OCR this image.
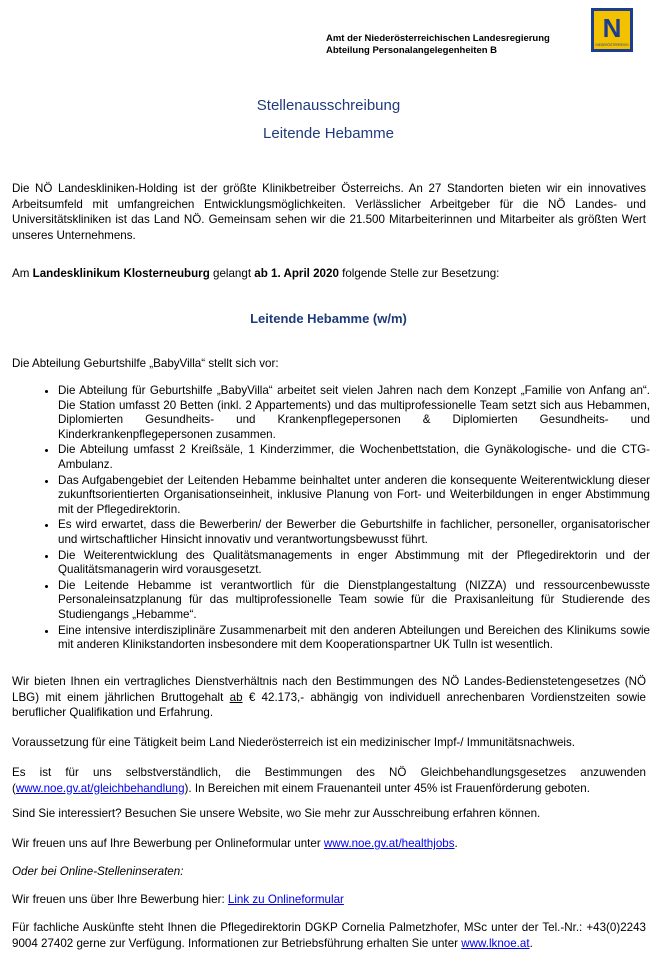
Amt der Niederösterreichischen Landesregierung
Abteilung Personalangelegenheiten B
N
NIEDERÖSTERREICH
Stellenausschreibung
Leitende Hebamme
Die NÖ Landeskliniken-Holding ist der größte Klinikbetreiber Österreichs. An 27 Standorten bieten wir ein innovatives Arbeitsumfeld mit umfangreichen Entwicklungsmöglichkeiten. Verlässlicher Arbeitgeber für die NÖ Landes- und Universitätskliniken ist das Land NÖ. Gemeinsam sehen wir die 21.500 Mitarbeiterinnen und Mitarbeiter als größten Wert unseres Unternehmens.
Am Landesklinikum Klosterneuburg gelangt ab 1. April 2020 folgende Stelle zur Besetzung:
Leitende Hebamme (w/m)
Die Abteilung Geburtshilfe „BabyVilla“ stellt sich vor:
• Die Abteilung für Geburtshilfe „BabyVilla“ arbeitet seit vielen Jahren nach dem Konzept „Familie von Anfang an“. Die Station umfasst 20 Betten (inkl. 2 Appartements) und das multiprofessionelle Team setzt sich aus Hebammen, Diplomierten Gesundheits- und Krankenpflegepersonen & Diplomierten Gesundheits- und Kinderkrankenpflegepersonen zusammen.
• Die Abteilung umfasst 2 Kreißsäle, 1 Kinderzimmer, die Wochenbettstation, die Gynäkologische- und die CTG-Ambulanz.
• Das Aufgabengebiet der Leitenden Hebamme beinhaltet unter anderen die konsequente Weiterentwicklung dieser zukunftsorientierten Organisationseinheit, inklusive Planung von Fort- und Weiterbildungen in enger Abstimmung mit der Pflegedirektorin.
• Es wird erwartet, dass die Bewerberin/ der Bewerber die Geburtshilfe in fachlicher, personeller, organisatorischer und wirtschaftlicher Hinsicht innovativ und verantwortungsbewusst führt.
• Die Weiterentwicklung des Qualitätsmanagements in enger Abstimmung mit der Pflegedirektorin und der Qualitätsmanagerin wird vorausgesetzt.
• Die Leitende Hebamme ist verantwortlich für die Dienstplangestaltung (NIZZA) und ressourcenbewusste Personaleinsatzplanung für das multiprofessionelle Team sowie für die Praxisanleitung für Studierende des Studiengangs „Hebamme“.
• Eine intensive interdisziplinäre Zusammenarbeit mit den anderen Abteilungen und Bereichen des Klinikums sowie mit anderen Klinikstandorten insbesondere mit dem Kooperationspartner UK Tulln ist wesentlich.
Wir bieten Ihnen ein vertragliches Dienstverhältnis nach den Bestimmungen des NÖ Landes-Bedienstetengesetzes (NÖ LBG) mit einem jährlichen Bruttogehalt ab € 42.173,- abhängig von individuell anrechenbaren Vordienstzeiten sowie beruflicher Qualifikation und Erfahrung.
Voraussetzung für eine Tätigkeit beim Land Niederösterreich ist ein medizinischer Impf-/ Immunitätsnachweis.
Es ist für uns selbstverständlich, die Bestimmungen des NÖ Gleichbehandlungsgesetzes anzuwenden (www.noe.gv.at/gleichbehandlung). In Bereichen mit einem Frauenanteil unter 45% ist Frauenförderung geboten.
Sind Sie interessiert? Besuchen Sie unsere Website, wo Sie mehr zur Ausschreibung erfahren können.
Wir freuen uns auf Ihre Bewerbung per Onlineformular unter www.noe.gv.at/healthjobs.
Oder bei Online-Stelleninseraten:
Wir freuen uns über Ihre Bewerbung hier: Link zu Onlineformular
Für fachliche Auskünfte steht Ihnen die Pflegedirektorin DGKP Cornelia Palmetzhofer, MSc unter der Tel.-Nr.: +43(0)2243 9004 27402 gerne zur Verfügung. Informationen zur Betriebsführung erhalten Sie unter www.lknoe.at.
